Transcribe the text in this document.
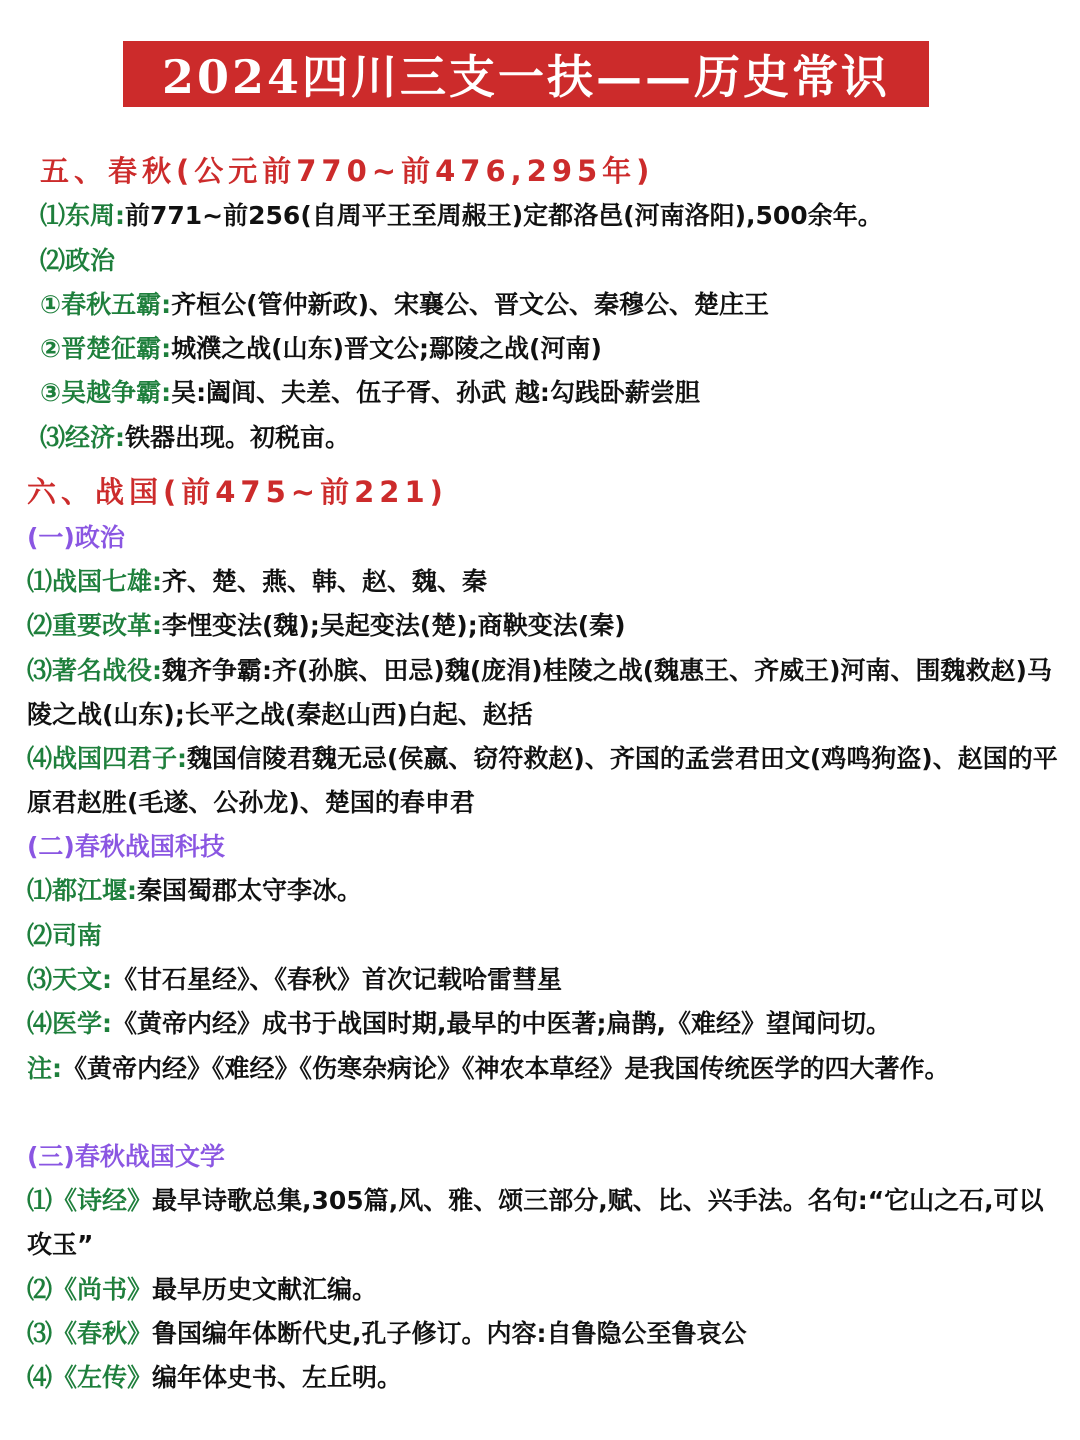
2024四川三支一扶——历史常识
五、春秋(公元前770~前476,295年)
⑴东周:前771~前256(自周平王至周赧王)定都洛邑(河南洛阳),500余年。
⑵政治
①春秋五霸:齐桓公(管仲新政)、宋襄公、晋文公、秦穆公、楚庄王
②晋楚征霸:城濮之战(山东)晋文公;鄢陵之战(河南)
③吴越争霸:吴:阖闾、夫差、伍子胥、孙武 越:勾践卧薪尝胆
⑶经济:铁器出现。初税亩。
六、战国(前475~前221)
(一)政治
⑴战国七雄:齐、楚、燕、韩、赵、魏、秦
⑵重要改革:李悝变法(魏);吴起变法(楚);商鞅变法(秦)
⑶著名战役:魏齐争霸:齐(孙膑、田忌)魏(庞涓)桂陵之战(魏惠王、齐威王)河南、围魏救赵)马陵之战(山东);长平之战(秦赵山西)白起、赵括
⑷战国四君子:魏国信陵君魏无忌(侯嬴、窃符救赵)、齐国的孟尝君田文(鸡鸣狗盗)、赵国的平原君赵胜(毛遂、公孙龙)、楚国的春申君
(二)春秋战国科技
⑴都江堰:秦国蜀郡太守李冰。
⑵司南
⑶天文:《甘石星经》、《春秋》首次记载哈雷彗星
⑷医学:《黄帝内经》成书于战国时期,最早的中医著;扁鹊,《难经》望闻问切。
注:《黄帝内经》《难经》《伤寒杂病论》《神农本草经》是我国传统医学的四大著作。
(三)春秋战国文学
⑴《诗经》最早诗歌总集,305篇,风、雅、颂三部分,赋、比、兴手法。名句:“它山之石,可以攻玉”
⑵《尚书》最早历史文献汇编。
⑶《春秋》鲁国编年体断代史,孔子修订。内容:自鲁隐公至鲁哀公
⑷《左传》编年体史书、左丘明。
